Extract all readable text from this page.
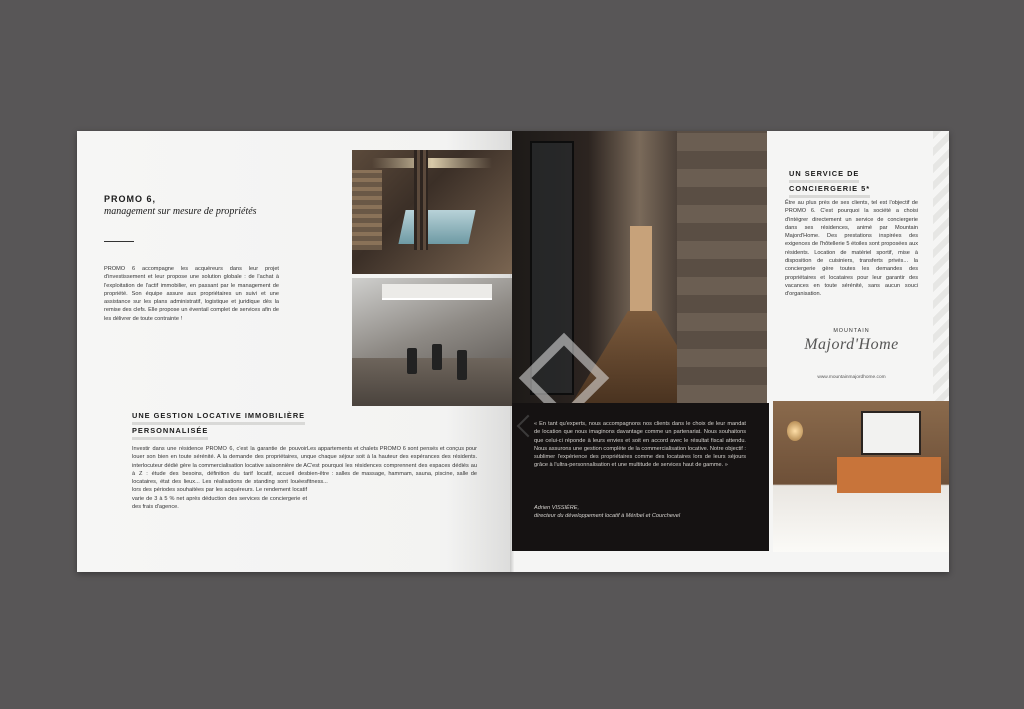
PROMO 6,
management sur mesure de propriétés
PROMO 6 accompagne les acquéreurs dans leur projet d'investissement et leur propose une solution globale : de l'achat à l'exploitation de l'actif immobilier, en passant par le management de propriété. Son équipe assure aux propriétaires un suivi et une assistance sur les plans administratif, logistique et juridique dès la remise des clefs. Elle propose un éventail complet de services afin de les délivrer de toute contrainte !
UNE GESTION LOCATIVE IMMOBILIÈRE
PERSONNALISÉE
Investir dans une résidence PROMO 6, c'est la garantie de pouvoir louer son bien en toute sérénité. A la demande des propriétaires, un interlocuteur dédié gère la commercialisation locative saisonnière de A à Z : étude des besoins, définition du tarif locatif, accueil des locataires, état des lieux... Les réalisations de standing sont louées lors des périodes souhaitées par les acquéreurs. Le rendement locatif varie de 3 à 5 % net après déduction des services de conciergerie et des frais d'agence.
Les appartements et chalets PROMO 6 sont pensés et conçus pour que chaque séjour soit à la hauteur des espérances des résidents. C'est pourquoi les résidences comprennent des espaces dédiés au bien-être : salles de massage, hammam, sauna, piscine, salle de fitness...
« En tant qu'experts, nous accompagnons nos clients dans le choix de leur mandat de location que nous imaginons davantage comme un partenariat. Nous souhaitons que celui-ci réponde à leurs envies et soit en accord avec le résultat fiscal attendu. Nous assurons une gestion complète de la commercialisation locative. Notre objectif : sublimer l'expérience des propriétaires comme des locataires lors de leurs séjours grâce à l'ultra-personnalisation et une multitude de services haut de gamme. »
Adrien VISSIÈRE,
directeur du développement locatif à Méribel et Courchevel
UN SERVICE DE
CONCIERGERIE 5*
Être au plus près de ses clients, tel est l'objectif de PROMO 6. C'est pourquoi la société a choisi d'intégrer directement un service de conciergerie dans ses résidences, animé par Mountain Majord'Home. Des prestations inspirées des exigences de l'hôtellerie 5 étoiles sont proposées aux résidents. Location de matériel sportif, mise à disposition de cuisiniers, transferts privés... la conciergerie gère toutes les demandes des propriétaires et locataires pour leur garantir des vacances en toute sérénité, sans aucun souci d'organisation.
MOUNTAIN
Majord'Home
www.mountainmajordhome.com
